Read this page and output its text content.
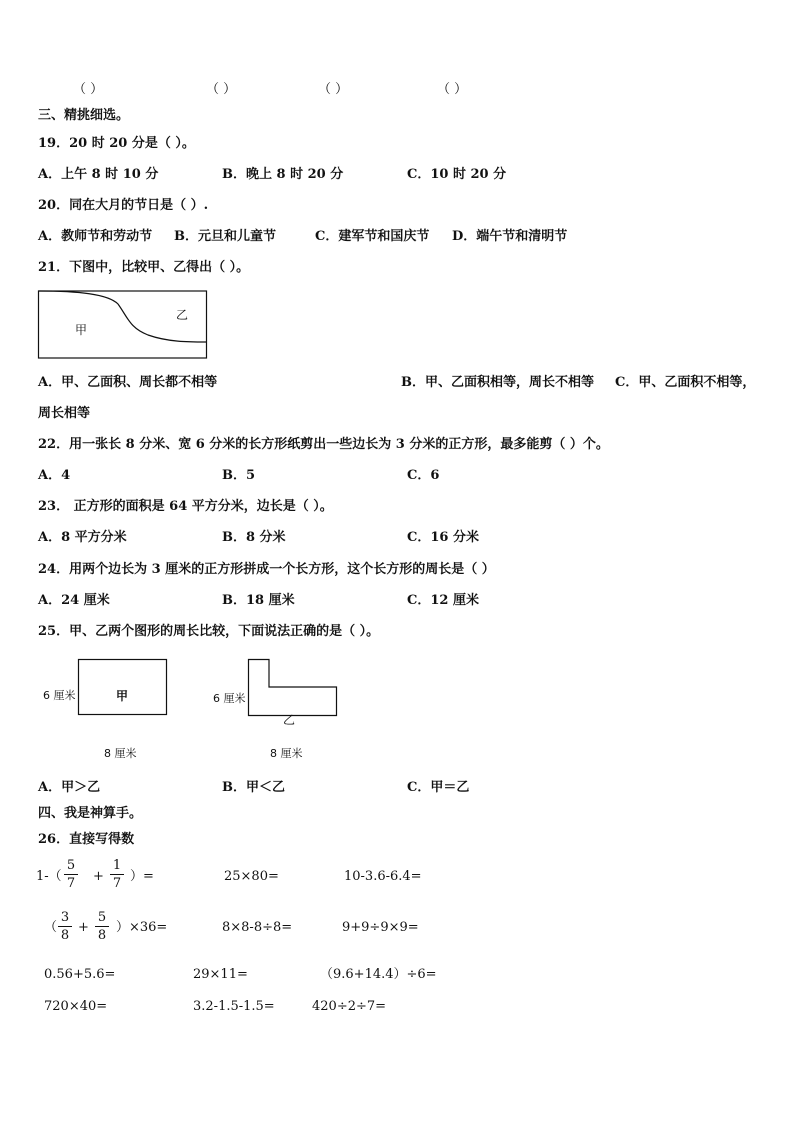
（ ）	（ ）	（ ）	（ ）
三、精挑细选。
19．20 时 20 分是（ ）。
A．上午 8 时 10 分	B．晚上 8 时 20 分	C．10 时 20 分
20．同在大月的节日是（ ）.
A．教师节和劳动节 B．元旦和儿童节	C．建军节和国庆节 D．端午节和清明节
21．下图中，比较甲、乙得出（ ）。
甲
乙
A．甲、乙面积、周长都不相等	B．甲、乙面积相等，周长不相等 C．甲、乙面积不相等，
周长相等
22．用一张长 8 分米、宽 6 分米的长方形纸剪出一些边长为 3 分米的正方形，最多能剪（ ）个。
A．4	B．5	C．6
23． 正方形的面积是 64 平方分米，边长是（ ）。
A．8 平方分米	B．8 分米	C．16 分米
24．用两个边长为 3 厘米的正方形拼成一个长方形，这个长方形的周长是（ ）
A．24 厘米	B．18 厘米	C．12 厘米
25．甲、乙两个图形的周长比较，下面说法正确的是（ ）。
6 厘米	甲
8 厘米
6 厘米
乙
8 厘米
A．甲＞乙	B．甲＜乙	C．甲＝乙
四、我是神算手。
26．直接写得数
1-（
5
7 +
1
7 ）=	25×80=	10-3.6-6.4=
（
3
8
+
5
8
）×36=	8×8-8÷8=	9+9÷9×9=
0.56+5.6=	29×11=	（9.6+14.4）÷6=
720×40=	3.2-1.5-1.5=	420÷2÷7=
